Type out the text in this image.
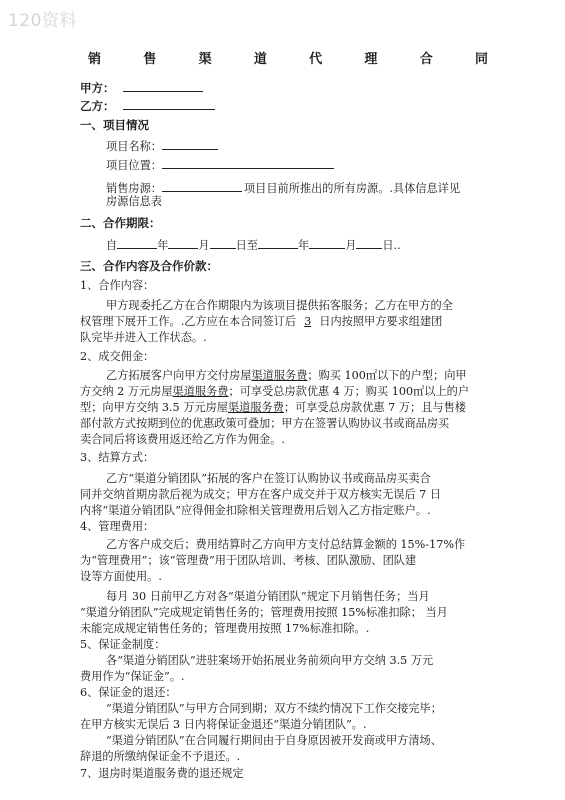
120资料
销	售	渠	道	代	理	合	同
甲方：
乙方：
一、项目情况
项目名称：
项目位置：
销售房源：	项目目前所推出的所有房源。.具体信息详见
房源信息表
二、合作期限：
自	年	月 日至	年	月 日..
三、合作内容及合作价款：
1、合作内容：
甲方现委托乙方在合作期限内为该项目提供拓客服务；乙方在甲方的全
权管理下展开工作。.乙方应在本合同签订后 3 日内按照甲方要求组建团
队完毕并进入工作状态。.
2、成交佣金：
乙方拓展客户向甲方交付房屋渠道服务费；购买 100㎡以下的户型；向甲
方交纳 2 万元房屋渠道服务费；可享受总房款优惠 4 万；购买 100㎡以上的户
型；向甲方交纳 3.5 万元房屋渠道服务费；可享受总房款优惠 7 万；且与售楼
部付款方式按期到位的优惠政策可叠加；甲方在签署认购协议书或商品房买
卖合同后将该费用返还给乙方作为佣金。.
3、结算方式：
乙方“渠道分销团队”拓展的客户在签订认购协议书或商品房买卖合
同并交纳首期房款后视为成交；甲方在客户成交并于双方核实无误后 7 日
内将“渠道分销团队”应得佣金扣除相关管理费用后划入乙方指定账户。.
4、管理费用：
乙方客户成交后；费用结算时乙方向甲方支付总结算金额的 15%-17%作
为“管理费用”；该“管理费”用于团队培训、考核、团队激励、团队建
设等方面使用。.
每月 30 日前甲乙方对各“渠道分销团队”规定下月销售任务；当月
“渠道分销团队”完成规定销售任务的；管理费用按照 15%标准扣除； 当月
未能完成规定销售任务的；管理费用按照 17%标准扣除。.
5、保证金制度：
各“渠道分销团队”进驻案场开始拓展业务前须向甲方交纳 3.5 万元
费用作为“保证金”。.
6、保证金的退还：
“渠道分销团队”与甲方合同到期；双方不续约情况下工作交接完毕；
在甲方核实无误后 3 日内将保证金退还“渠道分销团队”。.
“渠道分销团队”在合同履行期间由于自身原因被开发商或甲方清场、
辞退的所缴纳保证金不予退还。.
7、退房时渠道服务费的退还规定
